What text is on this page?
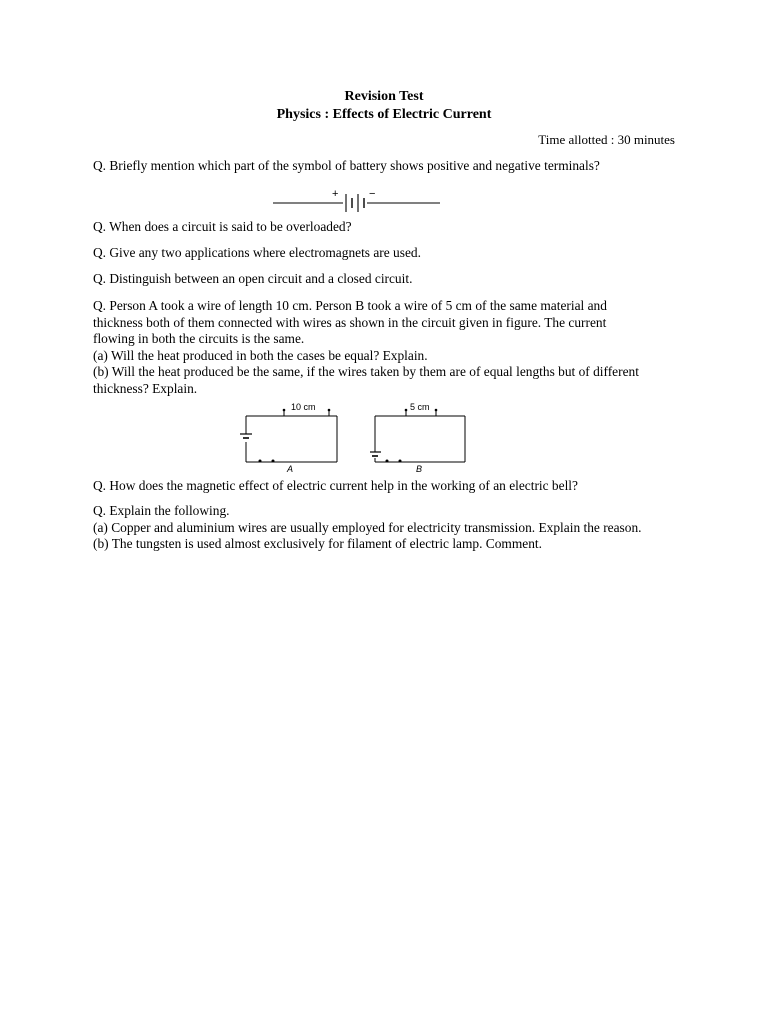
Revision Test
Physics : Effects of Electric Current
Time allotted : 30 minutes
Q. Briefly mention which part of the symbol of battery shows positive and negative terminals?
+	−
Q. When does a circuit is said to be overloaded?
Q. Give any two applications where electromagnets are used.
Q. Distinguish between an open circuit and a closed circuit.
Q. Person A took a wire of length 10 cm. Person B took a wire of 5 cm of the same material and
thickness both of them connected with wires as shown in the circuit given in figure. The current
flowing in both the circuits is the same.
(a) Will the heat produced in both the cases be equal? Explain.
(b) Will the heat produced be the same, if the wires taken by them are of equal lengths but of different
thickness? Explain.
10 cm
A
5 cm
B
Q. How does the magnetic effect of electric current help in the working of an electric bell?
Q. Explain the following.
(a) Copper and aluminium wires are usually employed for electricity transmission. Explain the reason.
(b) The tungsten is used almost exclusively for filament of electric lamp. Comment.
